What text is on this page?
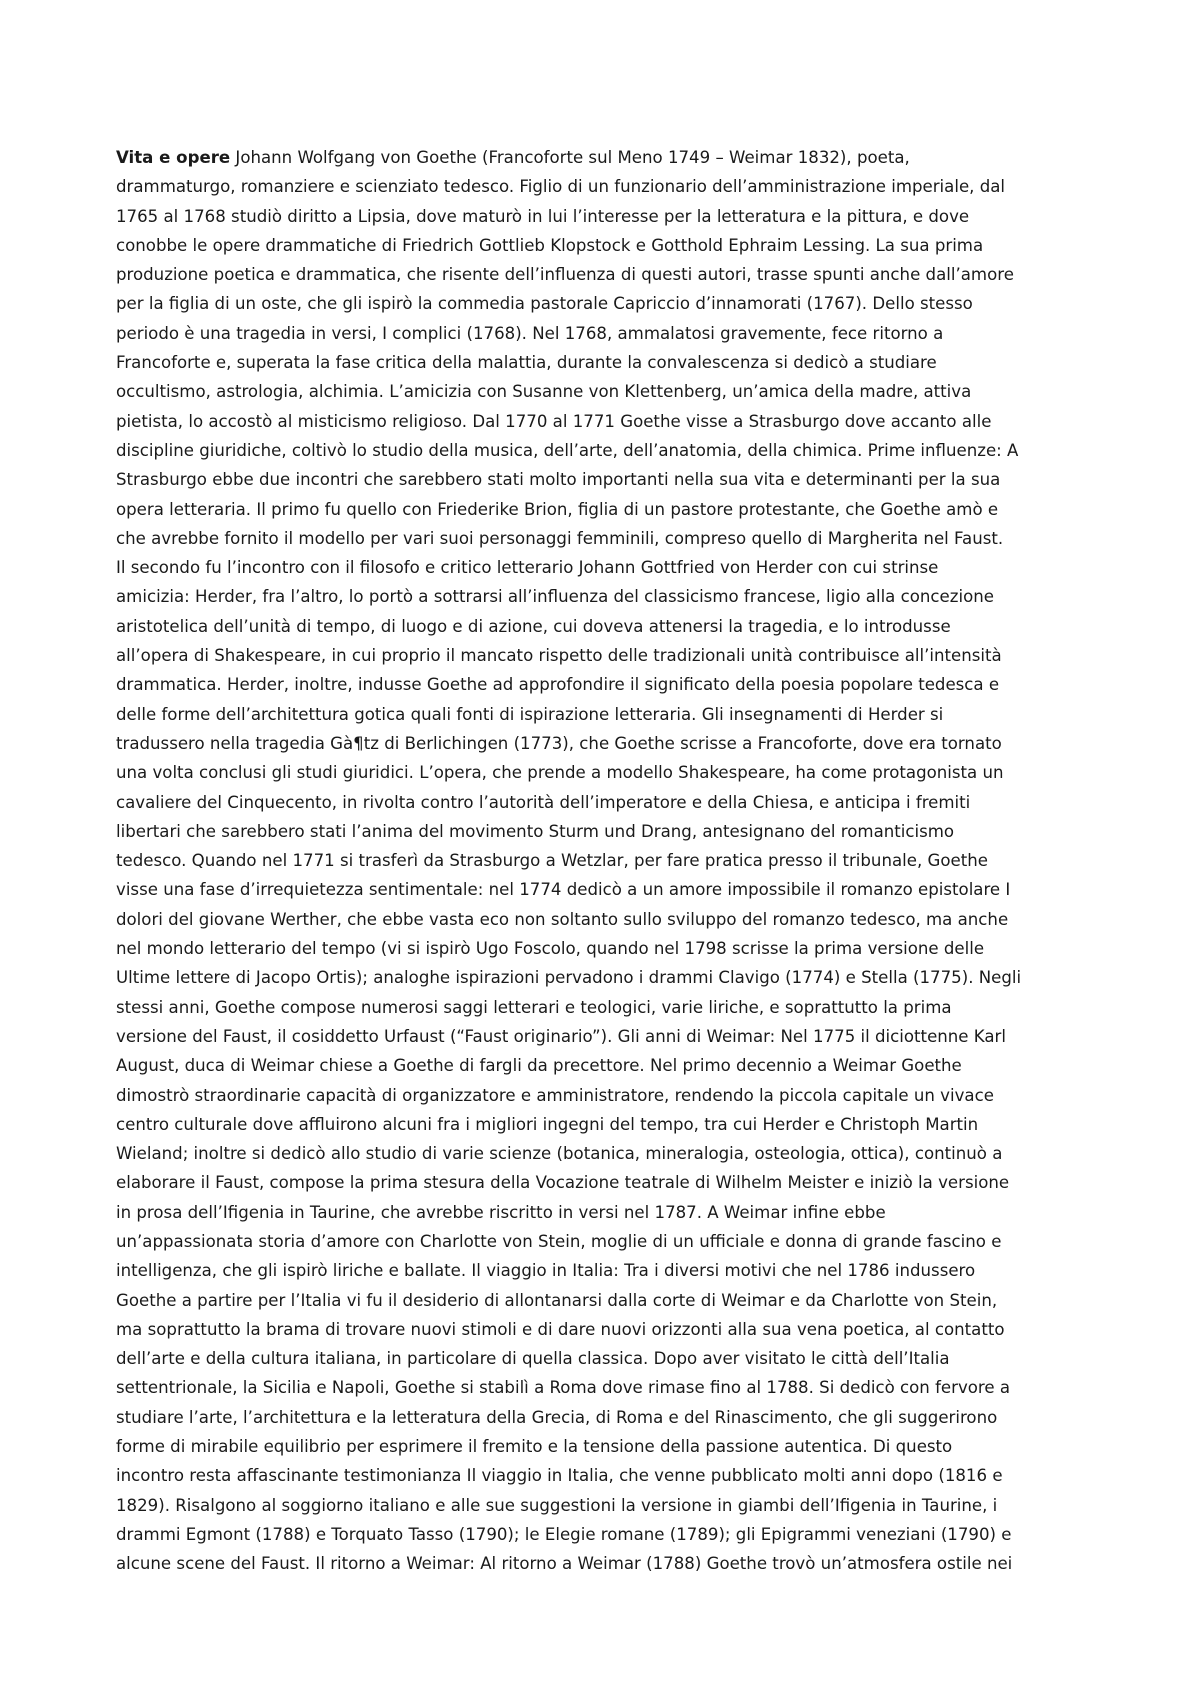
Vita e opere Johann Wolfgang von Goethe (Francoforte sul Meno 1749 – Weimar 1832), poeta,
drammaturgo, romanziere e scienziato tedesco. Figlio di un funzionario dell’amministrazione imperiale, dal
1765 al 1768 studiò diritto a Lipsia, dove maturò in lui l’interesse per la letteratura e la pittura, e dove
conobbe le opere drammatiche di Friedrich Gottlieb Klopstock e Gotthold Ephraim Lessing. La sua prima
produzione poetica e drammatica, che risente dell’influenza di questi autori, trasse spunti anche dall’amore
per la figlia di un oste, che gli ispirò la commedia pastorale Capriccio d’innamorati (1767). Dello stesso
periodo è una tragedia in versi, I complici (1768). Nel 1768, ammalatosi gravemente, fece ritorno a
Francoforte e, superata la fase critica della malattia, durante la convalescenza si dedicò a studiare
occultismo, astrologia, alchimia. L’amicizia con Susanne von Klettenberg, un’amica della madre, attiva
pietista, lo accostò al misticismo religioso. Dal 1770 al 1771 Goethe visse a Strasburgo dove accanto alle
discipline giuridiche, coltivò lo studio della musica, dell’arte, dell’anatomia, della chimica. Prime influenze: A
Strasburgo ebbe due incontri che sarebbero stati molto importanti nella sua vita e determinanti per la sua
opera letteraria. Il primo fu quello con Friederike Brion, figlia di un pastore protestante, che Goethe amò e
che avrebbe fornito il modello per vari suoi personaggi femminili, compreso quello di Margherita nel Faust.
Il secondo fu l’incontro con il filosofo e critico letterario Johann Gottfried von Herder con cui strinse
amicizia: Herder, fra l’altro, lo portò a sottrarsi all’influenza del classicismo francese, ligio alla concezione
aristotelica dell’unità di tempo, di luogo e di azione, cui doveva attenersi la tragedia, e lo introdusse
all’opera di Shakespeare, in cui proprio il mancato rispetto delle tradizionali unità contribuisce all’intensità
drammatica. Herder, inoltre, indusse Goethe ad approfondire il significato della poesia popolare tedesca e
delle forme dell’architettura gotica quali fonti di ispirazione letteraria. Gli insegnamenti di Herder si
tradussero nella tragedia Gà¶tz di Berlichingen (1773), che Goethe scrisse a Francoforte, dove era tornato
una volta conclusi gli studi giuridici. L’opera, che prende a modello Shakespeare, ha come protagonista un
cavaliere del Cinquecento, in rivolta contro l’autorità dell’imperatore e della Chiesa, e anticipa i fremiti
libertari che sarebbero stati l’anima del movimento Sturm und Drang, antesignano del romanticismo
tedesco. Quando nel 1771 si trasferì da Strasburgo a Wetzlar, per fare pratica presso il tribunale, Goethe
visse una fase d’irrequietezza sentimentale: nel 1774 dedicò a un amore impossibile il romanzo epistolare I
dolori del giovane Werther, che ebbe vasta eco non soltanto sullo sviluppo del romanzo tedesco, ma anche
nel mondo letterario del tempo (vi si ispirò Ugo Foscolo, quando nel 1798 scrisse la prima versione delle
Ultime lettere di Jacopo Ortis); analoghe ispirazioni pervadono i drammi Clavigo (1774) e Stella (1775). Negli
stessi anni, Goethe compose numerosi saggi letterari e teologici, varie liriche, e soprattutto la prima
versione del Faust, il cosiddetto Urfaust (“Faust originario”). Gli anni di Weimar: Nel 1775 il diciottenne Karl
August, duca di Weimar chiese a Goethe di fargli da precettore. Nel primo decennio a Weimar Goethe
dimostrò straordinarie capacità di organizzatore e amministratore, rendendo la piccola capitale un vivace
centro culturale dove affluirono alcuni fra i migliori ingegni del tempo, tra cui Herder e Christoph Martin
Wieland; inoltre si dedicò allo studio di varie scienze (botanica, mineralogia, osteologia, ottica), continuò a
elaborare il Faust, compose la prima stesura della Vocazione teatrale di Wilhelm Meister e iniziò la versione
in prosa dell’Ifigenia in Taurine, che avrebbe riscritto in versi nel 1787. A Weimar infine ebbe
un’appassionata storia d’amore con Charlotte von Stein, moglie di un ufficiale e donna di grande fascino e
intelligenza, che gli ispirò liriche e ballate. Il viaggio in Italia: Tra i diversi motivi che nel 1786 indussero
Goethe a partire per l’Italia vi fu il desiderio di allontanarsi dalla corte di Weimar e da Charlotte von Stein,
ma soprattutto la brama di trovare nuovi stimoli e di dare nuovi orizzonti alla sua vena poetica, al contatto
dell’arte e della cultura italiana, in particolare di quella classica. Dopo aver visitato le città dell’Italia
settentrionale, la Sicilia e Napoli, Goethe si stabilì a Roma dove rimase fino al 1788. Si dedicò con fervore a
studiare l’arte, l’architettura e la letteratura della Grecia, di Roma e del Rinascimento, che gli suggerirono
forme di mirabile equilibrio per esprimere il fremito e la tensione della passione autentica. Di questo
incontro resta affascinante testimonianza Il viaggio in Italia, che venne pubblicato molti anni dopo (1816 e
1829). Risalgono al soggiorno italiano e alle sue suggestioni la versione in giambi dell’Ifigenia in Taurine, i
drammi Egmont (1788) e Torquato Tasso (1790); le Elegie romane (1789); gli Epigrammi veneziani (1790) e
alcune scene del Faust. Il ritorno a Weimar: Al ritorno a Weimar (1788) Goethe trovò un’atmosfera ostile nei
